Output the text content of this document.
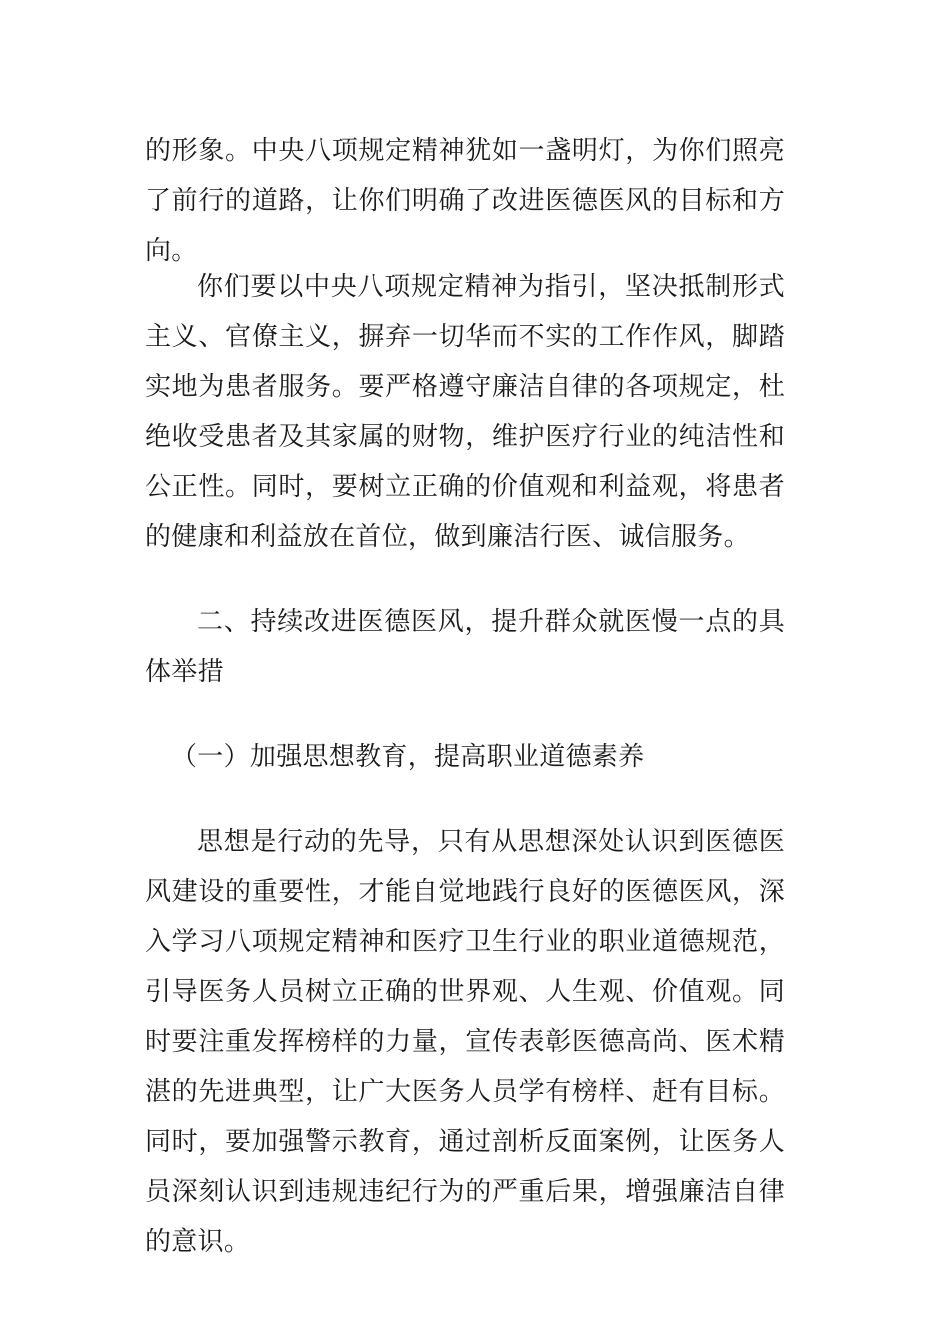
的形象。中央八项规定精神犹如一盏明灯，为你们照亮了前行的道路，让你们明确了改进医德医风的目标和方向。

你们要以中央八项规定精神为指引，坚决抵制形式主义、官僚主义，摒弃一切华而不实的工作作风，脚踏实地为患者服务。要严格遵守廉洁自律的各项规定，杜绝收受患者及其家属的财物，维护医疗行业的纯洁性和公正性。同时，要树立正确的价值观和利益观，将患者的健康和利益放在首位，做到廉洁行医、诚信服务。

二、持续改进医德医风，提升群众就医慢一点的具体举措

（一）加强思想教育，提高职业道德素养

思想是行动的先导，只有从思想深处认识到医德医风建设的重要性，才能自觉地践行良好的医德医风，深入学习八项规定精神和医疗卫生行业的职业道德规范，引导医务人员树立正确的世界观、人生观、价值观。同时要注重发挥榜样的力量，宣传表彰医德高尚、医术精湛的先进典型，让广大医务人员学有榜样、赶有目标。同时，要加强警示教育，通过剖析反面案例，让医务人员深刻认识到违规违纪行为的严重后果，增强廉洁自律的意识。
